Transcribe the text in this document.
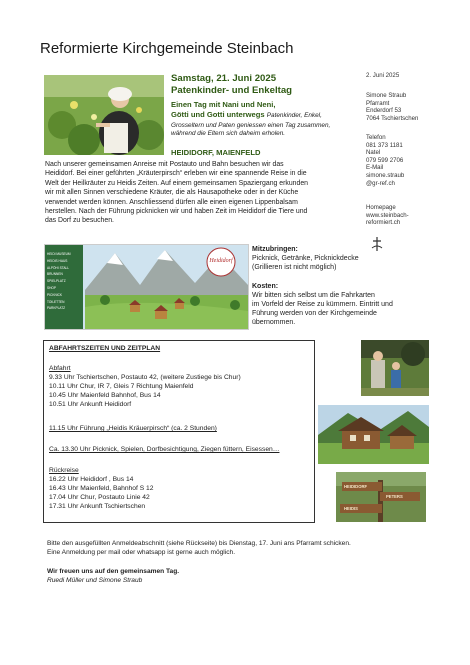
Reformierte Kirchgemeinde Steinbach
Samstag, 21. Juni 2025
Patenkinder- und Enkeltag
Einen Tag mit Nani und Neni,
Götti und Gotti unterwegs Patenkinder, Enkel,
Grosseltern und Paten geniessen einen Tag zusammen,
während die Eltern sich daheim erholen.
HEIDIDORF, MAIENFELD
2. Juni 2025
Simone Straub
Pfarramt
Enderdorf 53
7064 Tschiertschen
Telefon
081 373 1181
Natel
079 599 2706
E-Mail
simone.straub
@gr-ref.ch
Homepage
www.steinbach-
reformiert.ch
Nach unserer gemeinsamen Anreise mit Postauto und Bahn besuchen wir das
Heididorf. Bei einer geführten „Kräuterpirsch“ erleben wir eine spannende Reise in die
Welt der Heilkräuter zu Heidis Zeiten. Auf einem gemeinsamen Spaziergang erkunden
wir mit allen Sinnen verschiedene Kräuter, die als Hausapotheke oder in der Küche
verwendet werden können. Anschliessend dürfen alle einen eigenen Lippenbalsam
herstellen. Nach der Führung picknicken wir und haben Zeit im Heididorf die Tiere und
das Dorf zu besuchen.
Heididorf
HEIDI MUSEUM
HEIDIS HAUS
ALPÖHI STALL
BRUNNEN
SPIELPLATZ
SHOP
PICKNICK
TOILETTEN
PARKPLATZ
Mitzubringen:
Picknick, Getränke, Picknickdecke
(Grillieren ist nicht möglich)
Kosten:
Wir bitten sich selbst um die Fahrkarten
im Vorfeld der Reise zu kümmern. Eintritt und
Führung werden von der Kirchgemeinde
übernommen.
ABFAHRTSZEITEN UND ZEITPLAN
Abfahrt
9.33 Uhr Tschiertschen, Postauto 42, (weitere Zustiege bis Chur)
10.11 Uhr Chur, IR 7, Gleis 7 Richtung Maienfeld
10.45 Uhr Maienfeld Bahnhof, Bus 14
10.51 Uhr Ankunft Heididorf
11.15 Uhr Führung „Heidis Kräuerpirsch“ (ca. 2 Stunden)
Ca. 13.30 Uhr Picknick, Spielen, Dorfbesichtigung, Ziegen füttern, Eisessen…
Rückreise
16.22 Uhr Heididorf , Bus 14
16.43 Uhr Maienfeld, Bahnhof S 12
17.04 Uhr Chur, Postauto Linie 42
17.31 Uhr Ankunft Tschiertschen
HEIDIDORF
PETERS
HEIDIS
Bitte den ausgefüllten Anmeldeabschnitt (siehe Rückseite) bis Dienstag, 17. Juni ans Pfarramt schicken.
Eine Anmeldung per mail oder whatsapp ist gerne auch möglich.
Wir freuen uns auf den gemeinsamen Tag.
Ruedi Müller und Simone Straub
